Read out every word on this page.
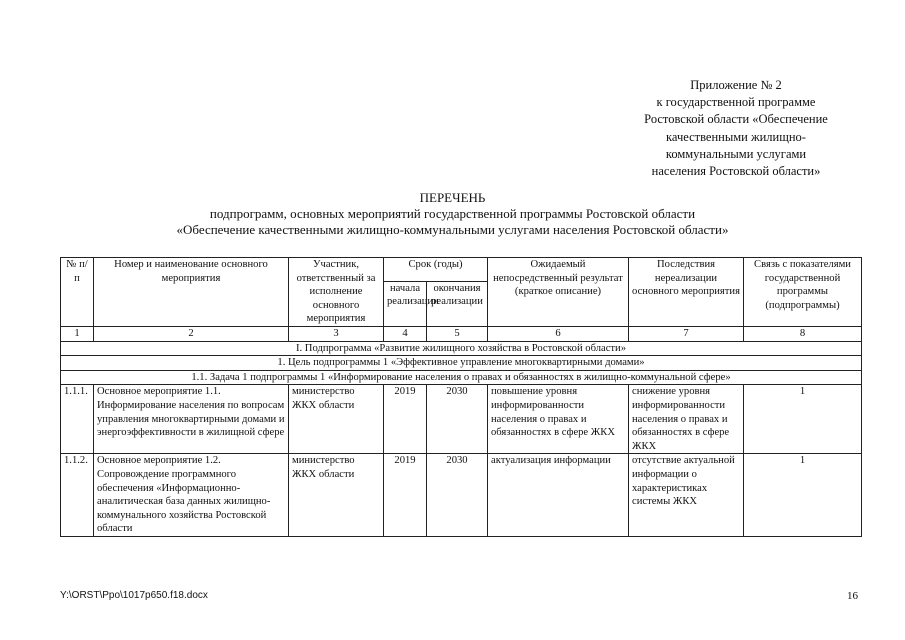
Приложение № 2
к государственной программе
Ростовской области «Обеспечение
качественными жилищно-
коммунальными услугами
населения Ростовской области»
ПЕРЕЧЕНЬ
подпрограмм, основных мероприятий государственной программы Ростовской области
«Обеспечение качественными жилищно-коммунальными услугами населения Ростовской области»
№ п/п	Номер и наименование основного мероприятия	Участник, ответственный за исполнение основного мероприятия	Срок (годы)		Ожидаемый непосредственный результат (краткое описание)	Последствия нереализации основного мероприятия	Связь с показателями государственной программы (подпрограммы)
			начала реализации	окончания реализации			
1	2	3	4	5	6	7	8
I. Подпрограмма «Развитие жилищного хозяйства в Ростовской области»							
1. Цель подпрограммы 1 «Эффективное управление многоквартирными домами»							
1.1. Задача 1 подпрограммы 1 «Информирование населения о правах и обязанностях в жилищно-коммунальной сфере»							
1.1.1.	Основное мероприятие 1.1. Информирование населения по вопросам управления многоквартирными домами и энергоэффективности в жилищной сфере	министерство ЖКХ области	2019	2030	повышение уровня информированности населения о правах и обязанностях в сфере ЖКХ	снижение уровня информированности населения о правах и обязанностях в сфере ЖКХ	1
1.1.2.	Основное мероприятие 1.2. Сопровождение программного обеспечения «Информационно-аналитическая база данных жилищно-коммунального хозяйства Ростовской области	министерство ЖКХ области	2019	2030	актуализация информации	отсутствие актуальной информации о характеристиках системы ЖКХ	1
Y:\ORST\Ppo\1017p650.f18.docx	16
